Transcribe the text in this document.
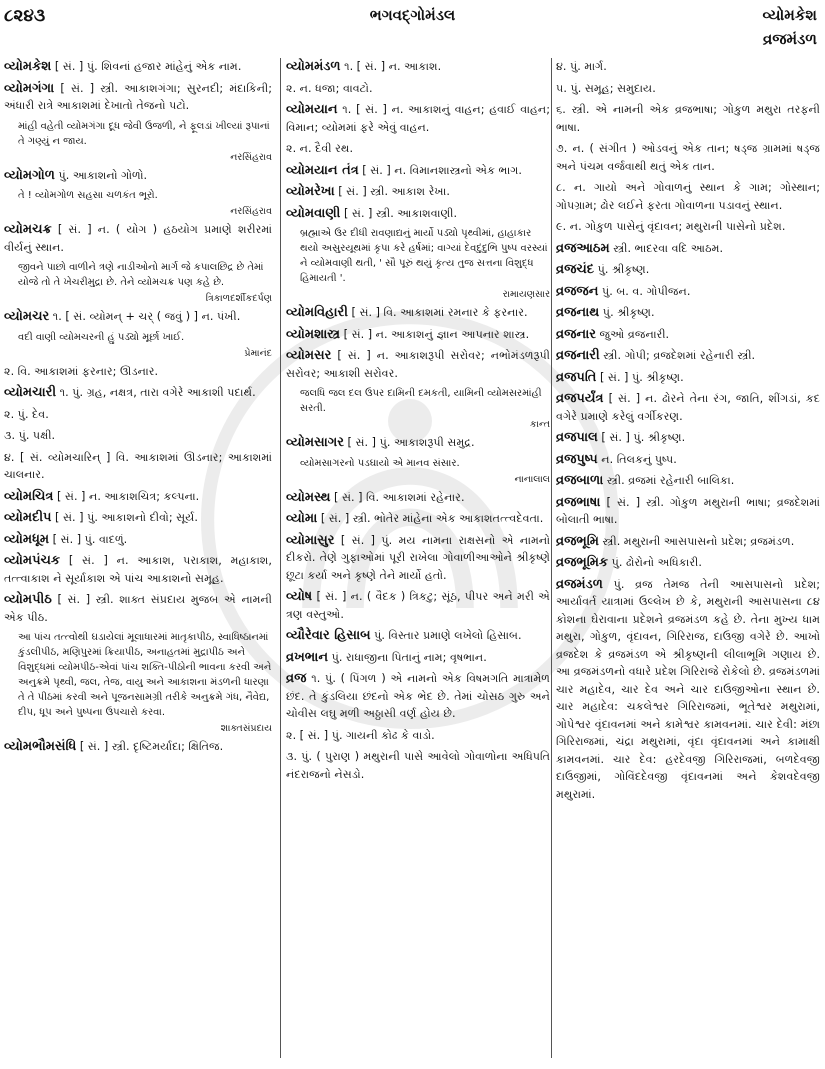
૮૨૪૩	ભગવદ્ગોમંડલ	વ્યોમકેશ
વ્રજમંડળ
વ્યોમકેશ [ સં. ] પું. શિવનાં હજાર માંહેનું એક નામ.
વ્યોમગંગા [ સં. ] સ્ત્રી. આકાશગંગા; સુરનદી; મંદાકિની; અંધારી રાત્રે આકાશમાં દેખાતો તેજનો પટો.
માંહી વહેતી વ્યોમગંગા દૂધ જેવી ઉજળી, ને ફૂલડાં ખીલ્યાં રૂપાનાં તે ગણ્યું ન જાય.
નરસિંહરાવ
વ્યોમગોળ પું. આકાશનો ગોળો.
તે ! વ્યોમગોળ સહસા ચળકંત ભૂરો.
નરસિંહરાવ
વ્યોમચક્ર [ સં. ] ન. ( યોગ ) હઠયોગ પ્રમાણે શરીરમાં વીર્યનું સ્થાન.
જીવને પાછો વાળીને ત્રણે નાડીઓનો માર્ગ જે કપાલછિદ્ર છે તેમાં યોજે તો તે ખેચરીમુદ્રા છે. તેને વ્યોમચક્ર પણ કહે છે.
ત્રિકાળદર્શીકદર્પણ
વ્યોમચર ૧. [ સં. વ્યોમન્ + ચર્ ( જવું ) ] ન. પંખી.
વદી વાણી વ્યોમચરની હું પડ્યો મૂર્છા ખાઈ.
પ્રેમાનંદ
૨. વિ. આકાશમાં ફરનાર; ઊડનાર.
વ્યોમચારી ૧. પું. ગ્રહ, નક્ષત્ર, તારા વગેરે આકાશી પદાર્થ.
૨. પું. દેવ.
૩. પું. પક્ષી.
૪. [ સં. વ્યોમચારિન્ ] વિ. આકાશમાં ઊડનાર; આકાશમાં ચાલનાર.
વ્યોમચિત્ર [ સં. ] ન. આકાશચિત્ર; કલ્પના.
વ્યોમદીપ [ સં. ] પું. આકાશનો દીવો; સૂર્ય.
વ્યોમધૂમ [ સં. ] પું. વાદળું.
વ્યોમપંચક [ સં. ] ન. આકાશ, પરાકાશ, મહાકાશ, તત્ત્વાકાશ ને સૂર્યાકાશ એ પાંચ આકાશનો સમૂહ.
વ્યોમપીઠ [ સં. ] સ્ત્રી. શાક્ત સંપ્રદાય મુજબ એ નામની એક પીઠ.
આ પાંચ તત્ત્વોથી ઘડાયેલાં મૂલાધારમાં માતૃકાપીઠ, સ્વાધિષ્ઠાનમાં કુંડલીપીઠ, મણિપુરમાં ક્રિયાપીઠ, અનાહતમાં મુદ્રાપીઠ અને વિશુદ્ધમાં વ્યોમપીઠ-એવાં પાંચ શક્તિ-પીઠોની ભાવના કરવી અને અનુક્રમે પૃથ્વી, જલ, તેજ, વાયુ અને આકાશના મંડળની ધારણા તે તે પીઠમાં કરવી અને પૂજનસામગ્રી તરીકે અનુક્રમે ગંધ, નૈવેદ્ય, દીપ, ધૂપ અને પુષ્પના ઉપચારો કરવા.
શાક્તસંપ્રદાય
વ્યોમભૌમસંધિ [ સં. ] સ્ત્રી. દૃષ્ટિમર્યાદા; ક્ષિતિજ.
વ્યોમમંડળ ૧. [ સં. ] ન. આકાશ.
૨. ન. ધજા; વાવટો.
વ્યોમયાન ૧. [ સં. ] ન. આકાશનું વાહન; હવાઈ વાહન; વિમાન; વ્યોમમાં ફરે એવું વાહન.
૨. ન. દૈવી રથ.
વ્યોમયાન તંત્ર [ સં. ] ન. વિમાનશાસ્ત્રનો એક ભાગ.
વ્યોમરેખા [ સં. ] સ્ત્રી. આકાશ રેખા.
વ્યોમવાણી [ સં. ] સ્ત્રી. આકાશવાણી.
બ્રહ્માએ ઉર દીધી રાવણાદ્યનું માર્યો પડ્યો પૃથ્વીમાં, હાહાકાર થયો અસુરયૂથમાં કૃપા કરે હર્ષમાં; વાગ્યાં દેવદુંદુભિ પુષ્પ વરસ્યાં ને વ્યોમવાણી થતી, ' સૌ પૂરું થયું કૃત્ય તુજ સત્તના વિશુદ્ધ હિમાયતી '.
રામાયણસાર
વ્યોમવિહારી [ સં. ] વિ. આકાશમાં રમનાર કે ફરનાર.
વ્યોમશાસ્ત્ર [ સં. ] ન. આકાશનું જ્ઞાન આપનાર શાસ્ત્ર.
વ્યોમસર [ સં. ] ન. આકાશરૂપી સરોવર; નભોમંડળરૂપી સરોવર; આકાશી સરોવર.
જલધિ જલ દલ ઉપર દામિની દમકતી, યામિની વ્યોમસરમાંહી સરતી.
કાન્ત
વ્યોમસાગર [ સં. ] પું. આકાશરૂપી સમુદ્ર.
વ્યોમસાગરનો પડઘાયો એ માનવ સંસાર.
નાનાલાલ
વ્યોમસ્થ [ સં. ] વિ. આકાશમાં રહેનાર.
વ્યોમા [ સં. ] સ્ત્રી. ભોતેર માંહેના એક આકાશતત્ત્વદેવતા.
વ્યોમાસુર [ સં. ] પું. મય નામના રાક્ષસનો એ નામનો દીકરો. તેણે ગુફાઓમાં પૂરી રાખેલા ગોવાળીઆઓને શ્રીકૃષ્ણે છૂટા કર્યા અને કૃષ્ણે તેને માર્યો હતો.
વ્યોષ [ સં. ] ન. ( વૈદક ) ત્રિકટુ; સૂંઠ, પીપર અને મરી એ ત્રણ વસ્તુઓ.
વ્યૌરેવાર હિસાબ પું. વિસ્તાર પ્રમાણે લખેલો હિસાબ.
વ્રખભાન પું. રાધાજીના પિતાનું નામ; વૃષભાન.
વ્રજ ૧. પું. ( પિંગળ ) એ નામનો એક વિષમગતિ માત્રામેળ છંદ. તે કુંડલિયા છંદનો એક ભેદ છે. તેમાં ચોસઠ ગુરુ અને ચોવીસ લઘુ મળી અઠ્ઠાસી વર્ણ હોય છે.
૨. [ સં. ] પું. ગાયની કોઢ કે વાડો.
૩. પું. ( પુરાણ ) મથુરાની પાસે આવેલો ગોવાળોના અધિપતિ નંદરાજનો નેસડો.
૪. પું. માર્ગ.
૫. પું. સમૂહ; સમુદાય.
૬. સ્ત્રી. એ નામની એક વ્રજભાષા; ગોકુળ મથુરા તરફની ભાષા.
૭. ન. ( સંગીત ) ઓડવનું એક તાન; ષડ્જ ગ્રામમાં ષડ્જ અને પંચમ વર્જવાથી થતું એક તાન.
૮. ન. ગાયો અને ગોવાળનું સ્થાન કે ગામ; ગોસ્થાન; ગોપગ્રામ; ઢોર લઈને ફરતા ગોવાળના પડાવનું સ્થાન.
૯. ન. ગોકુળ પાસેનું વૃંદાવન; મથુરાની પાસેનો પ્રદેશ.
વ્રજઆઠમ સ્ત્રી. ભાદરવા વદિ આઠમ.
વ્રજચંદ પું. શ્રીકૃષ્ણ.
વ્રજજન પું. બ. વ. ગોપીજન.
વ્રજનાથ પું. શ્રીકૃષ્ણ.
વ્રજનાર જુઓ વ્રજનારી.
વ્રજનારી સ્ત્રી. ગોપી; વ્રજદેશમાં રહેનારી સ્ત્રી.
વ્રજપતિ [ સં. ] પું. શ્રીકૃષ્ણ.
વ્રજપર્યંત્ર [ સં. ] ન. ઢોરને તેના રંગ, જાતિ, શીંગડાં, કદ વગેરે પ્રમાણે કરેલું વર્ગીકરણ.
વ્રજપાલ [ સં. ] પું. શ્રીકૃષ્ણ.
વ્રજપુષ્પ ન. તિલકનું પુષ્પ.
વ્રજબાળા સ્ત્રી. વ્રજમાં રહેનારી બાલિકા.
વ્રજભાષા [ સં. ] સ્ત્રી. ગોકુળ મથુરાની ભાષા; વ્રજદેશમાં બોલાતી ભાષા.
વ્રજભૂમિ સ્ત્રી. મથુરાની આસપાસનો પ્રદેશ; વ્રજમંડળ.
વ્રજભૂમિક પું. ઢોરોનો અધિકારી.
વ્રજમંડળ પું. વ્રજ તેમજ તેની આસપાસનો પ્રદેશ; આર્યાવર્ત યાત્રામાં ઉલ્લેખ છે કે, મથુરાની આસપાસના ૮૪ કોશના ઘેરાવાના પ્રદેશને વ્રજમંડળ કહે છે. તેના મુખ્ય ધામ મથુરા, ગોકુળ, વૃંદાવન, ગિરિરાજ, દાઉજી વગેરે છે. આખો વ્રજદેશ કે વ્રજમંડળ એ શ્રીકૃષ્ણની લીલાભૂમિ ગણાય છે. આ વ્રજમંડળનો વધારે પ્રદેશ ગિરિરાજે રોકેલો છે. વ્રજમંડળમાં ચાર મહાદેવ, ચાર દેવ અને ચાર દાઉજીઓના સ્થાન છે. ચાર મહાદેવ: ચકલેશ્વર ગિરિરાજમાં, ભૂતેશ્વર મથુરામાં, ગોપેશ્વર વૃંદાવનમાં અને કામેશ્વર કામવનમાં. ચાર દેવી: મંછા ગિરિરાજમાં, ચંદ્રા મથુરામાં, વૃંદા વૃંદાવનમાં અને કામાક્ષી કામવનમાં. ચાર દેવ: હરદેવજી ગિરિરાજમાં, બળદેવજી દાઉજીમાં, ગોવિંદદેવજી વૃંદાવનમાં અને કેશવદેવજી મથુરામાં.
